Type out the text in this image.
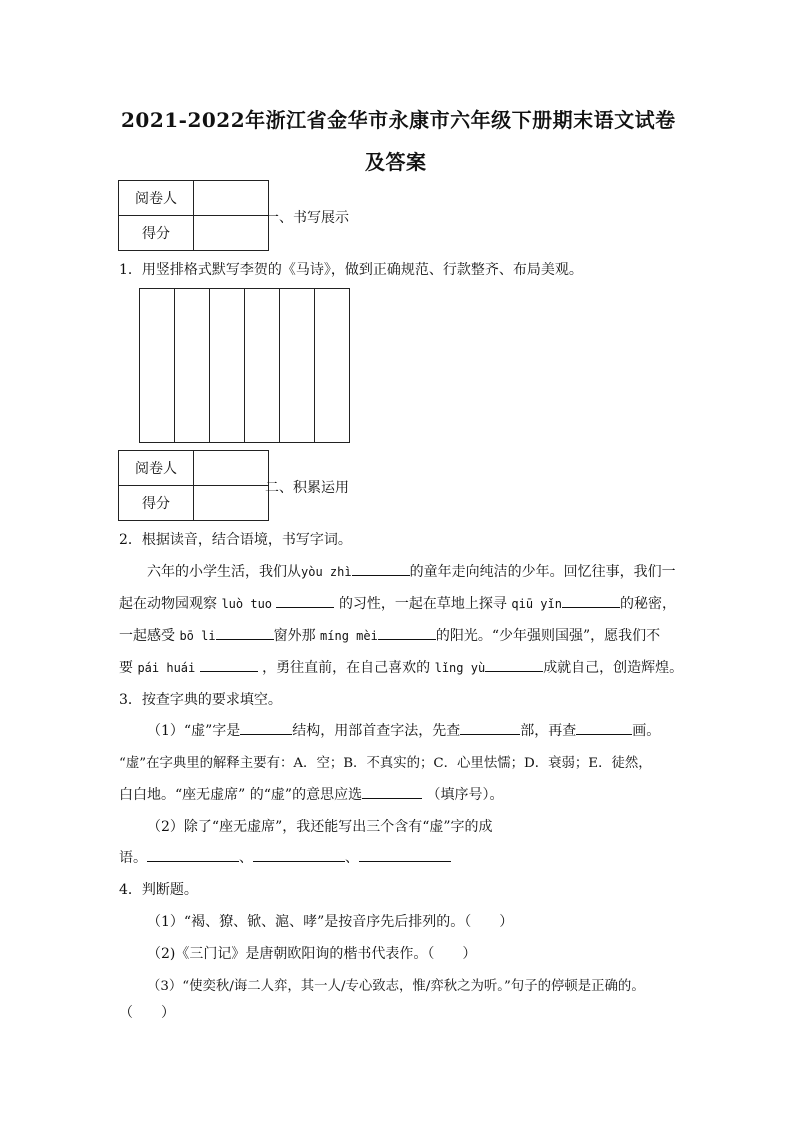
2021-2022年浙江省金华市永康市六年级下册期末语文试卷
及答案
阅卷人	
得分	
一、书写展示
1．用竖排格式默写李贺的《马诗》，做到正确规范、行款整齐、布局美观。
阅卷人	
得分	
二、积累运用
2．根据读音，结合语境，书写字词。
六年的小学生活，我们从yòu zhì	的童年走向纯洁的少年。回忆往事，我们一
起在动物园观察 luò tuo	的习性，一起在草地上探寻 qiū yǐn	的秘密，
一起感受 bō li	窗外那 míng mèi	的阳光。“少年强则国强”，愿我们不
要 pái huái	，勇往直前，在自己喜欢的 lǐng yù	成就自己，创造辉煌。
3．按查字典的要求填空。
（1）“虚”字是	结构，用部首查字法，先查	部，再查	画。
“虚”在字典里的解释主要有：A．空；B．不真实的；C．心里怯懦；D．衰弱；E．徒然，
白白地。“座无虚席” 的“虚”的意思应选	（填序号）。
（2）除了“座无虚席”，我还能写出三个含有“虚”字的成
语。	、	、
4．判断题。
（1）“褐、獠、锨、滬、哮”是按音序先后排列的。（　　）
（2)《三门记》是唐朝欧阳询的楷书代表作。（　　）
（3）“使奕秋/诲二人弈，其一人/专心致志，惟/弈秋之为听。”句子的停顿是正确的。
（　　）
